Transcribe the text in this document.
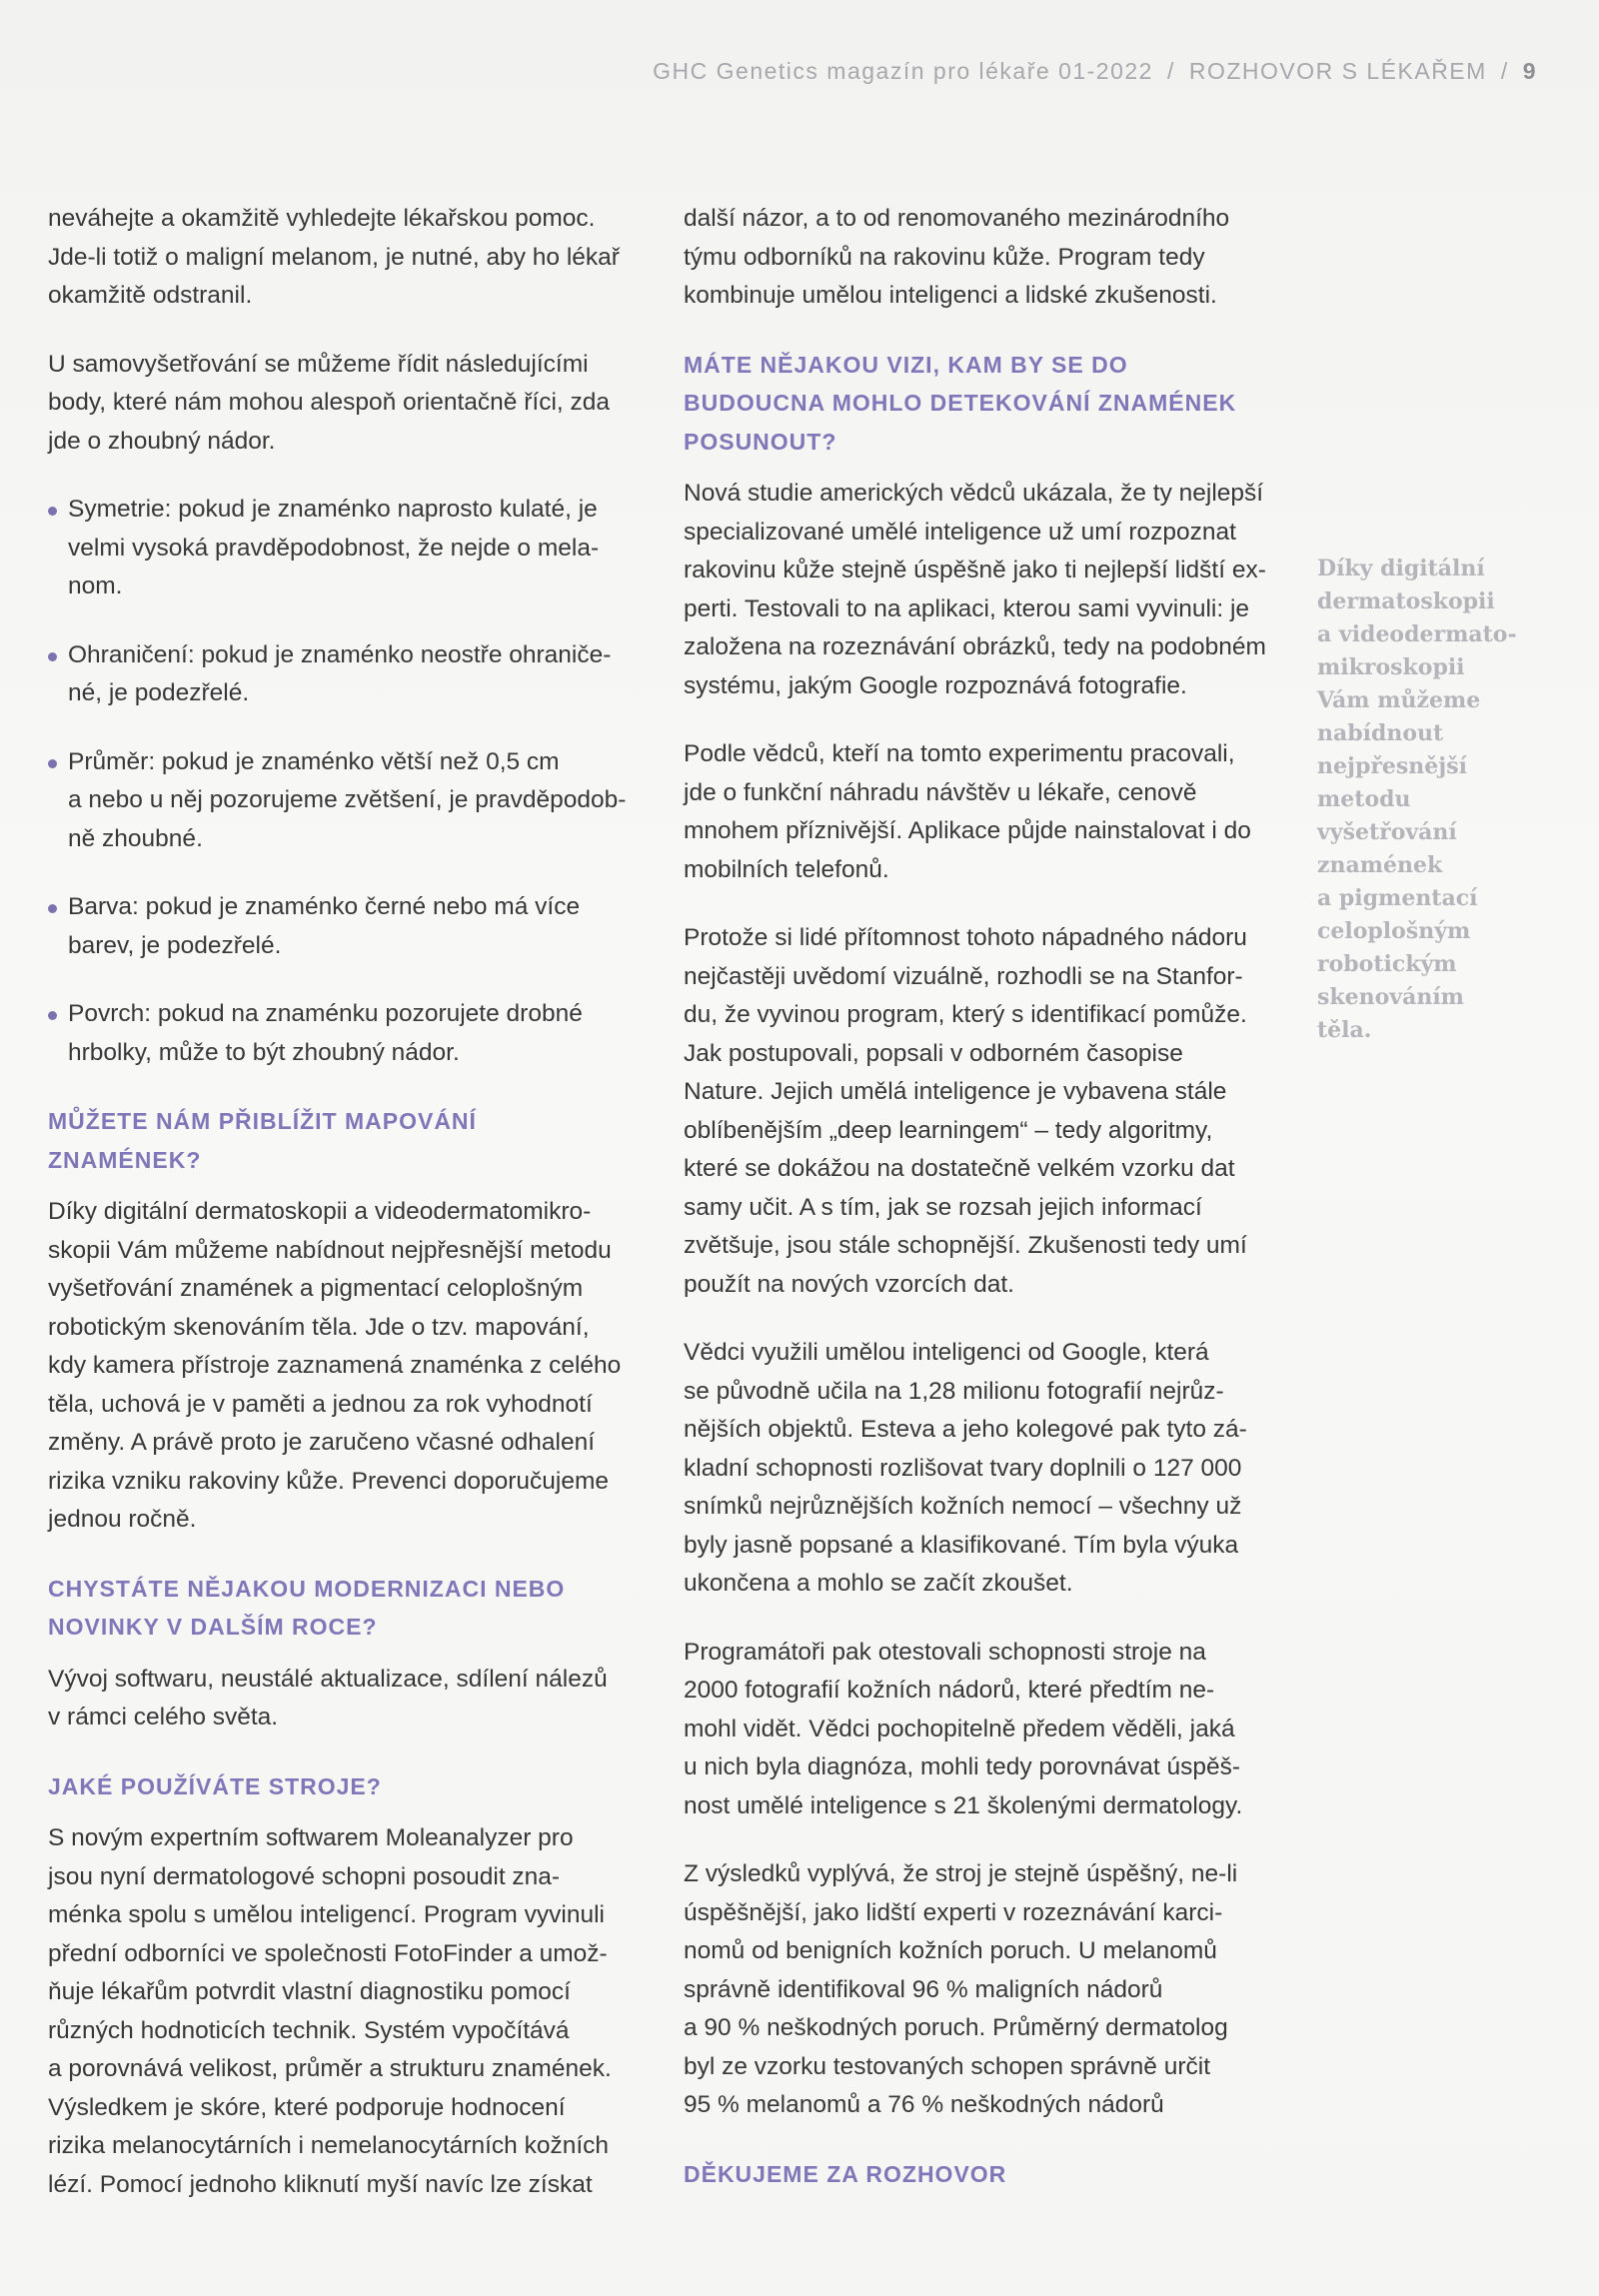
GHC Genetics magazín pro lékaře 01-2022 / ROZHOVOR S LÉKAŘEM / 9
neváhejte a okamžitě vyhledejte lékařskou pomoc.
Jde-li totiž o maligní melanom, je nutné, aby ho lékař
okamžitě odstranil.
U samovyšetřování se můžeme řídit následujícími
body, které nám mohou alespoň orientačně říci, zda
jde o zhoubný nádor.
Symetrie: pokud je znaménko naprosto kulaté, je
velmi vysoká pravděpodobnost, že nejde o mela-
nom.
Ohraničení: pokud je znaménko neostře ohraniče-
né, je podezřelé.
Průměr: pokud je znaménko větší než 0,5 cm
a nebo u něj pozorujeme zvětšení, je pravděpodob-
ně zhoubné.
Barva: pokud je znaménko černé nebo má více
barev, je podezřelé.
Povrch: pokud na znaménku pozorujete drobné
hrbolky, může to být zhoubný nádor.
MŮŽETE NÁM PŘIBLÍŽIT MAPOVÁNÍ
ZNAMÉNEK?
Díky digitální dermatoskopii a videodermatomikro-
skopii Vám můžeme nabídnout nejpřesnější metodu
vyšetřování znamének a pigmentací celoplošným
robotickým skenováním těla. Jde o tzv. mapování,
kdy kamera přístroje zaznamená znaménka z celého
těla, uchová je v paměti a jednou za rok vyhodnotí
změny. A právě proto je zaručeno včasné odhalení
rizika vzniku rakoviny kůže. Prevenci doporučujeme
jednou ročně.
CHYSTÁTE NĚJAKOU MODERNIZACI NEBO
NOVINKY V DALŠÍM ROCE?
Vývoj softwaru, neustálé aktualizace, sdílení nálezů
v rámci celého světa.
JAKÉ POUŽÍVÁTE STROJE?
S novým expertním softwarem Moleanalyzer pro
jsou nyní dermatologové schopni posoudit zna-
ménka spolu s umělou inteligencí. Program vyvinuli
přední odborníci ve společnosti FotoFinder a umož-
ňuje lékařům potvrdit vlastní diagnostiku pomocí
různých hodnoticích technik. Systém vypočítává
a porovnává velikost, průměr a strukturu znamének.
Výsledkem je skóre, které podporuje hodnocení
rizika melanocytárních i nemelanocytárních kožních
lézí. Pomocí jednoho kliknutí myší navíc lze získat
další názor, a to od renomovaného mezinárodního
týmu odborníků na rakovinu kůže. Program tedy
kombinuje umělou inteligenci a lidské zkušenosti.
MÁTE NĚJAKOU VIZI, KAM BY SE DO
BUDOUCNA MOHLO DETEKOVÁNÍ ZNAMÉNEK
POSUNOUT?
Nová studie amerických vědců ukázala, že ty nejlepší
specializované umělé inteligence už umí rozpoznat
rakovinu kůže stejně úspěšně jako ti nejlepší lidští ex-
perti. Testovali to na aplikaci, kterou sami vyvinuli: je
založena na rozeznávání obrázků, tedy na podobném
systému, jakým Google rozpoznává fotografie.
Podle vědců, kteří na tomto experimentu pracovali,
jde o funkční náhradu návštěv u lékaře, cenově
mnohem příznivější. Aplikace půjde nainstalovat i do
mobilních telefonů.
Protože si lidé přítomnost tohoto nápadného nádoru
nejčastěji uvědomí vizuálně, rozhodli se na Stanfor-
du, že vyvinou program, který s identifikací pomůže.
Jak postupovali, popsali v odborném časopise
Nature. Jejich umělá inteligence je vybavena stále
oblíbenějším „deep learningem“ – tedy algoritmy,
které se dokážou na dostatečně velkém vzorku dat
samy učit. A s tím, jak se rozsah jejich informací
zvětšuje, jsou stále schopnější. Zkušenosti tedy umí
použít na nových vzorcích dat.
Vědci využili umělou inteligenci od Google, která
se původně učila na 1,28 milionu fotografií nejrůz-
nějších objektů. Esteva a jeho kolegové pak tyto zá-
kladní schopnosti rozlišovat tvary doplnili o 127 000
snímků nejrůznějších kožních nemocí – všechny už
byly jasně popsané a klasifikované. Tím byla výuka
ukončena a mohlo se začít zkoušet.
Programátoři pak otestovali schopnosti stroje na
2000 fotografií kožních nádorů, které předtím ne-
mohl vidět. Vědci pochopitelně předem věděli, jaká
u nich byla diagnóza, mohli tedy porovnávat úspěš-
nost umělé inteligence s 21 školenými dermatology.
Z výsledků vyplývá, že stroj je stejně úspěšný, ne-li
úspěšnější, jako lidští experti v rozeznávání karci-
nomů od benigních kožních poruch. U melanomů
správně identifikoval 96 % maligních nádorů
a 90 % neškodných poruch. Průměrný dermatolog
byl ze vzorku testovaných schopen správně určit
95 % melanomů a 76 % neškodných nádorů
DĚKUJEME ZA ROZHOVOR
Díky digitální
dermatoskopii
a videodermato-
mikroskopii
Vám můžeme
nabídnout
nejpřesnější
metodu
vyšetřování
znamének
a pigmentací
celoplošným
robotickým
skenováním
těla.
